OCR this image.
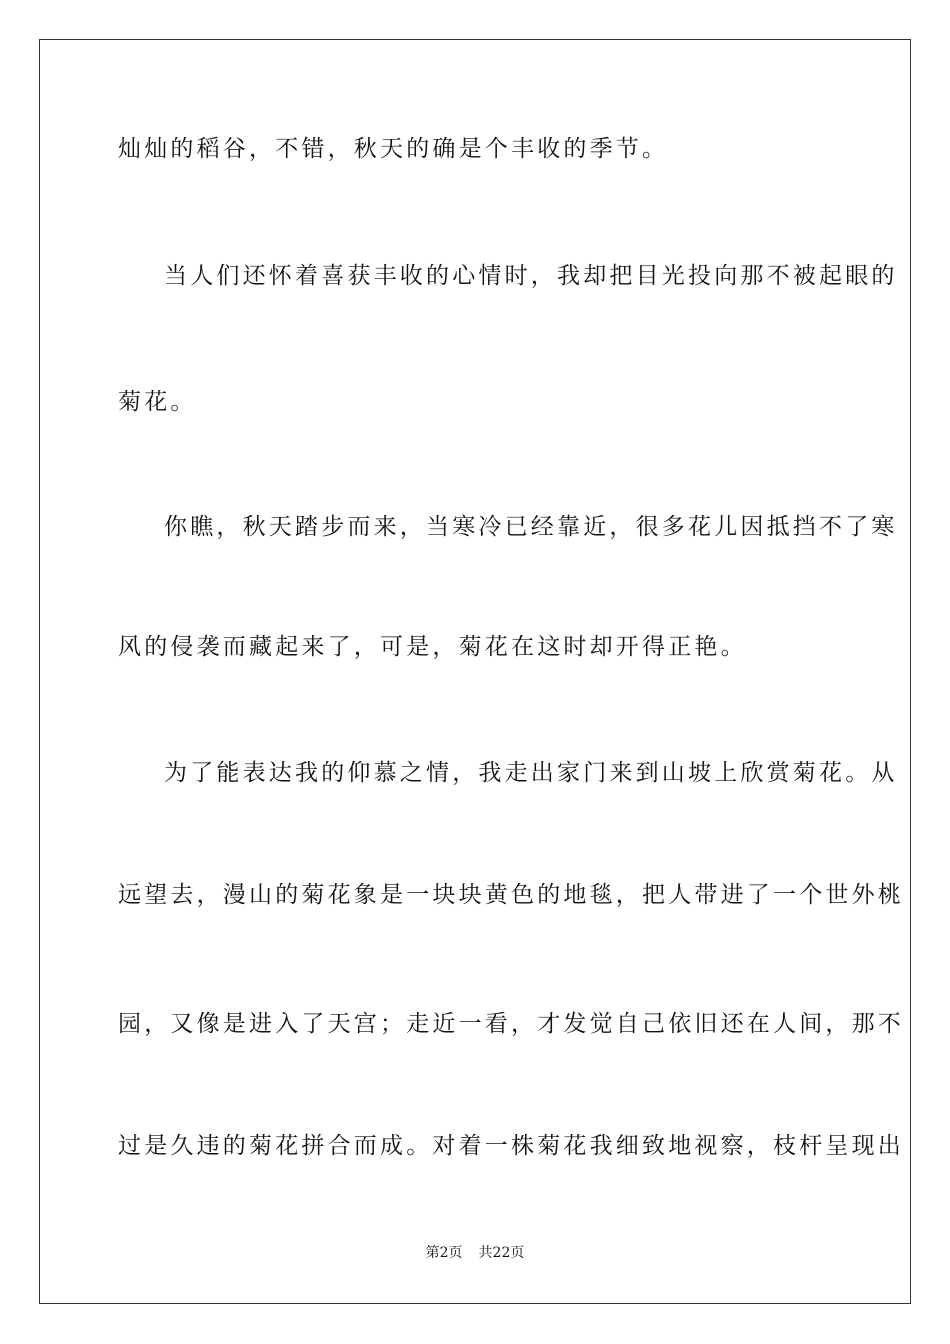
灿灿的稻谷，不错，秋天的确是个丰收的季节。
当人们还怀着喜获丰收的心情时，我却把目光投向那不被起眼的
菊花。
你瞧，秋天踏步而来，当寒冷已经靠近，很多花儿因抵挡不了寒
风的侵袭而藏起来了，可是，菊花在这时却开得正艳。
为了能表达我的仰慕之情，我走出家门来到山坡上欣赏菊花。从
远望去，漫山的菊花象是一块块黄色的地毯，把人带进了一个世外桃
园，又像是进入了天宫；走近一看，才发觉自己依旧还在人间，那不
过是久违的菊花拼合而成。对着一株菊花我细致地视察，枝杆呈现出
第2页 共22页
